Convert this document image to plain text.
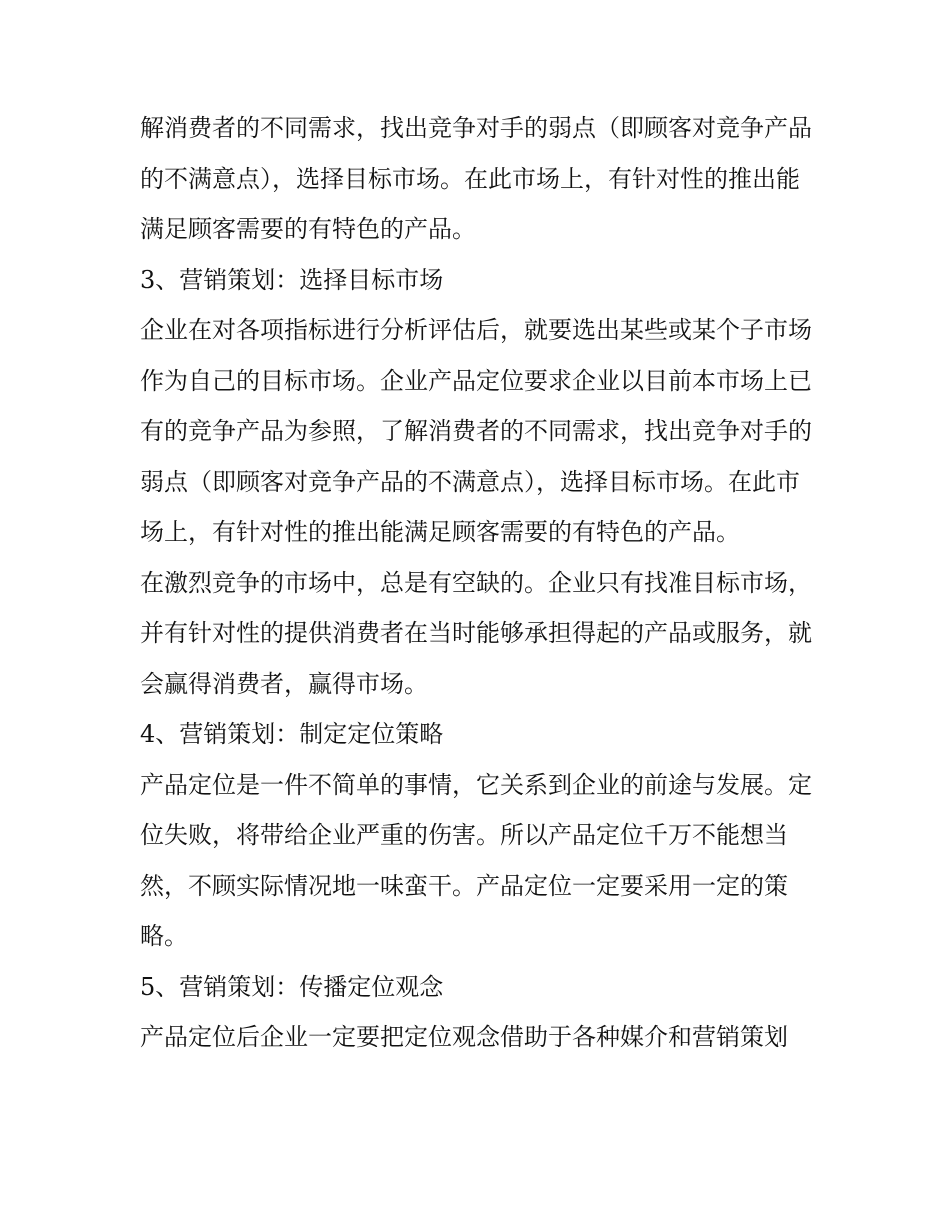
解消费者的不同需求，找出竞争对手的弱点（即顾客对竞争产品的不满意点），选择目标市场。在此市场上，有针对性的推出能满足顾客需要的有特色的产品。

3、营销策划：选择目标市场

企业在对各项指标进行分析评估后，就要选出某些或某个子市场作为自己的目标市场。企业产品定位要求企业以目前本市场上已有的竞争产品为参照，了解消费者的不同需求，找出竞争对手的弱点（即顾客对竞争产品的不满意点），选择目标市场。在此市场上，有针对性的推出能满足顾客需要的有特色的产品。

在激烈竞争的市场中，总是有空缺的。企业只有找准目标市场，并有针对性的提供消费者在当时能够承担得起的产品或服务，就会赢得消费者，赢得市场。

4、营销策划：制定定位策略

产品定位是一件不简单的事情，它关系到企业的前途与发展。定位失败，将带给企业严重的伤害。所以产品定位千万不能想当然，不顾实际情况地一味蛮干。产品定位一定要采用一定的策略。

5、营销策划：传播定位观念

产品定位后企业一定要把定位观念借助于各种媒介和营销策划
